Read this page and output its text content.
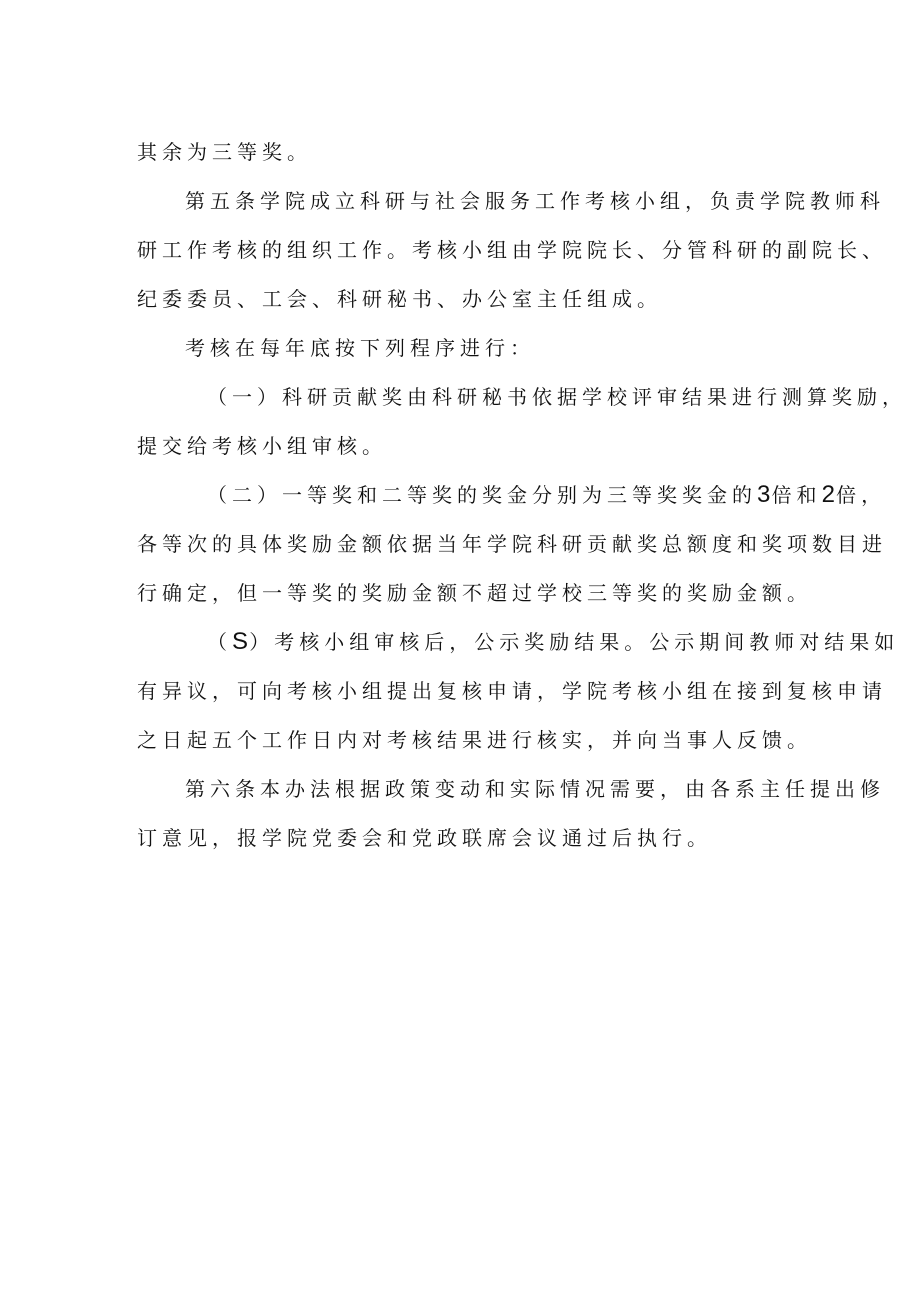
其余为三等奖。
第五条学院成立科研与社会服务工作考核小组，负责学院教师科
研工作考核的组织工作。考核小组由学院院长、分管科研的副院长、
纪委委员、工会、科研秘书、办公室主任组成。
考核在每年底按下列程序进行：
（一）科研贡献奖由科研秘书依据学校评审结果进行测算奖励，
提交给考核小组审核。
（二）一等奖和二等奖的奖金分别为三等奖奖金的3倍和2倍，
各等次的具体奖励金额依据当年学院科研贡献奖总额度和奖项数目进
行确定，但一等奖的奖励金额不超过学校三等奖的奖励金额。
（S）考核小组审核后，公示奖励结果。公示期间教师对结果如
有异议，可向考核小组提出复核申请，学院考核小组在接到复核申请
之日起五个工作日内对考核结果进行核实，并向当事人反馈。
第六条本办法根据政策变动和实际情况需要，由各系主任提出修
订意见，报学院党委会和党政联席会议通过后执行。
